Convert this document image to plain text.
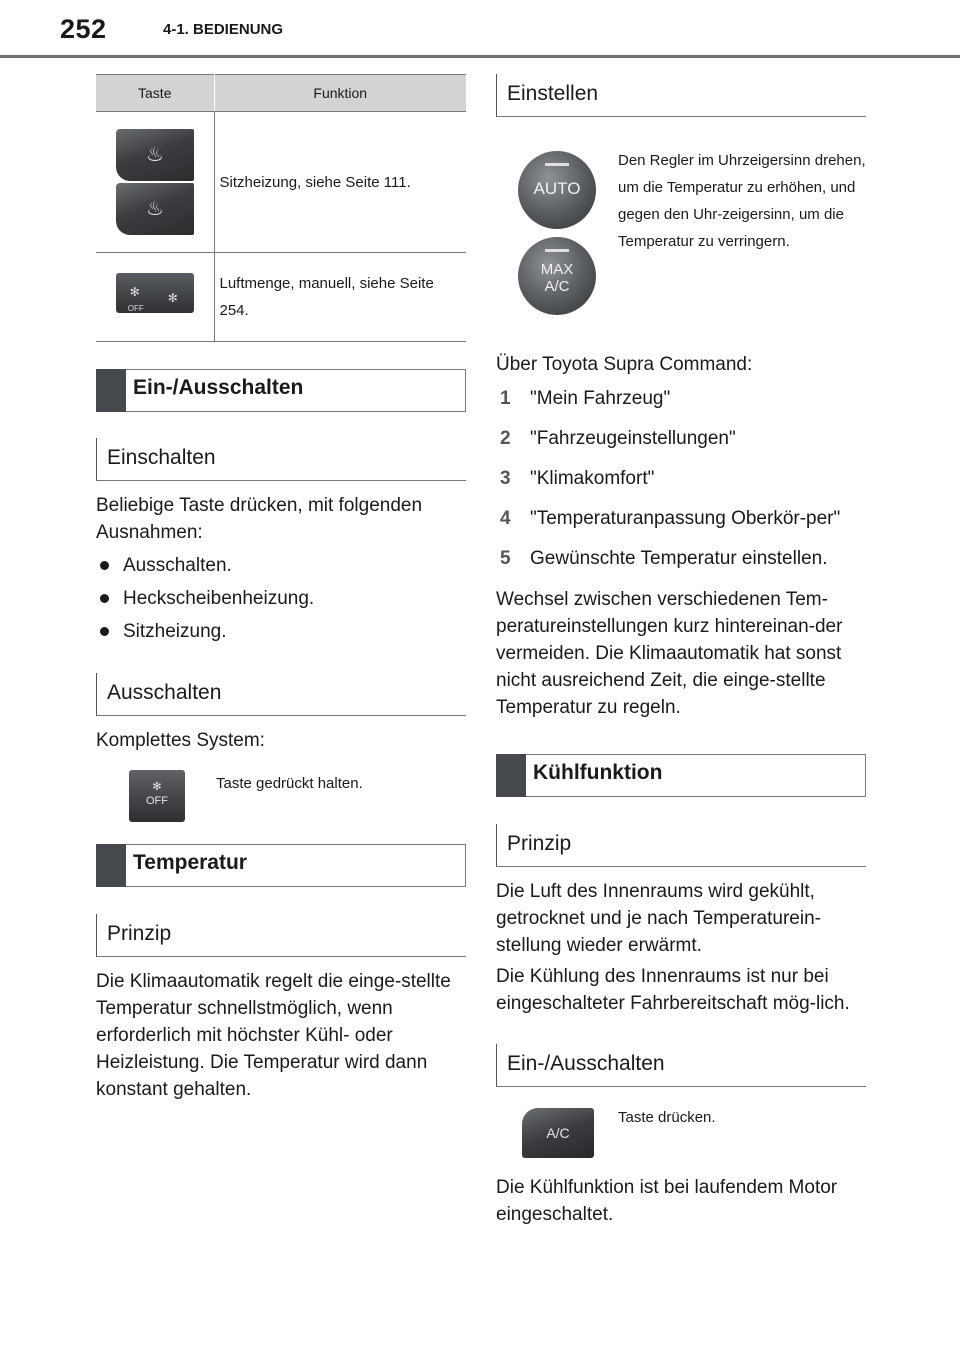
252	4-1. BEDIENUNG
Taste	Funktion

♨
♨	Sitzheizung, siehe Seite 111.

✻
OFF
✻	Luftmenge, manuell, siehe Seite 254.
Ein-/Ausschalten
Einschalten
Beliebige Taste drücken, mit folgenden Ausnahmen:
Ausschalten.
Heckscheibenheizung.
Sitzheizung.
Ausschalten
Komplettes System:
✻
OFF
Taste gedrückt halten.
Temperatur
Prinzip
Die Klimaautomatik regelt die einge-stellte Temperatur schnellstmöglich, wenn erforderlich mit höchster Kühl- oder Heizleistung. Die Temperatur wird dann konstant gehalten.
Einstellen
AUTO
MAX A/C
Den Regler im Uhrzeigersinn drehen, um die Temperatur zu erhöhen, und gegen den Uhr-zeigersinn, um die Temperatur zu verringern.
Über Toyota Supra Command:
1 "Mein Fahrzeug"
2 "Fahrzeugeinstellungen"
3 "Klimakomfort"
4 "Temperaturanpassung Oberkör-per"
5 Gewünschte Temperatur einstellen.
Wechsel zwischen verschiedenen Tem-peratureinstellungen kurz hintereinan-der vermeiden. Die Klimaautomatik hat sonst nicht ausreichend Zeit, die einge-stellte Temperatur zu regeln.
Kühlfunktion
Prinzip
Die Luft des Innenraums wird gekühlt, getrocknet und je nach Temperaturein-stellung wieder erwärmt.
Die Kühlung des Innenraums ist nur bei eingeschalteter Fahrbereitschaft mög-lich.
Ein-/Ausschalten
A/C
Taste drücken.
Die Kühlfunktion ist bei laufendem Motor eingeschaltet.
